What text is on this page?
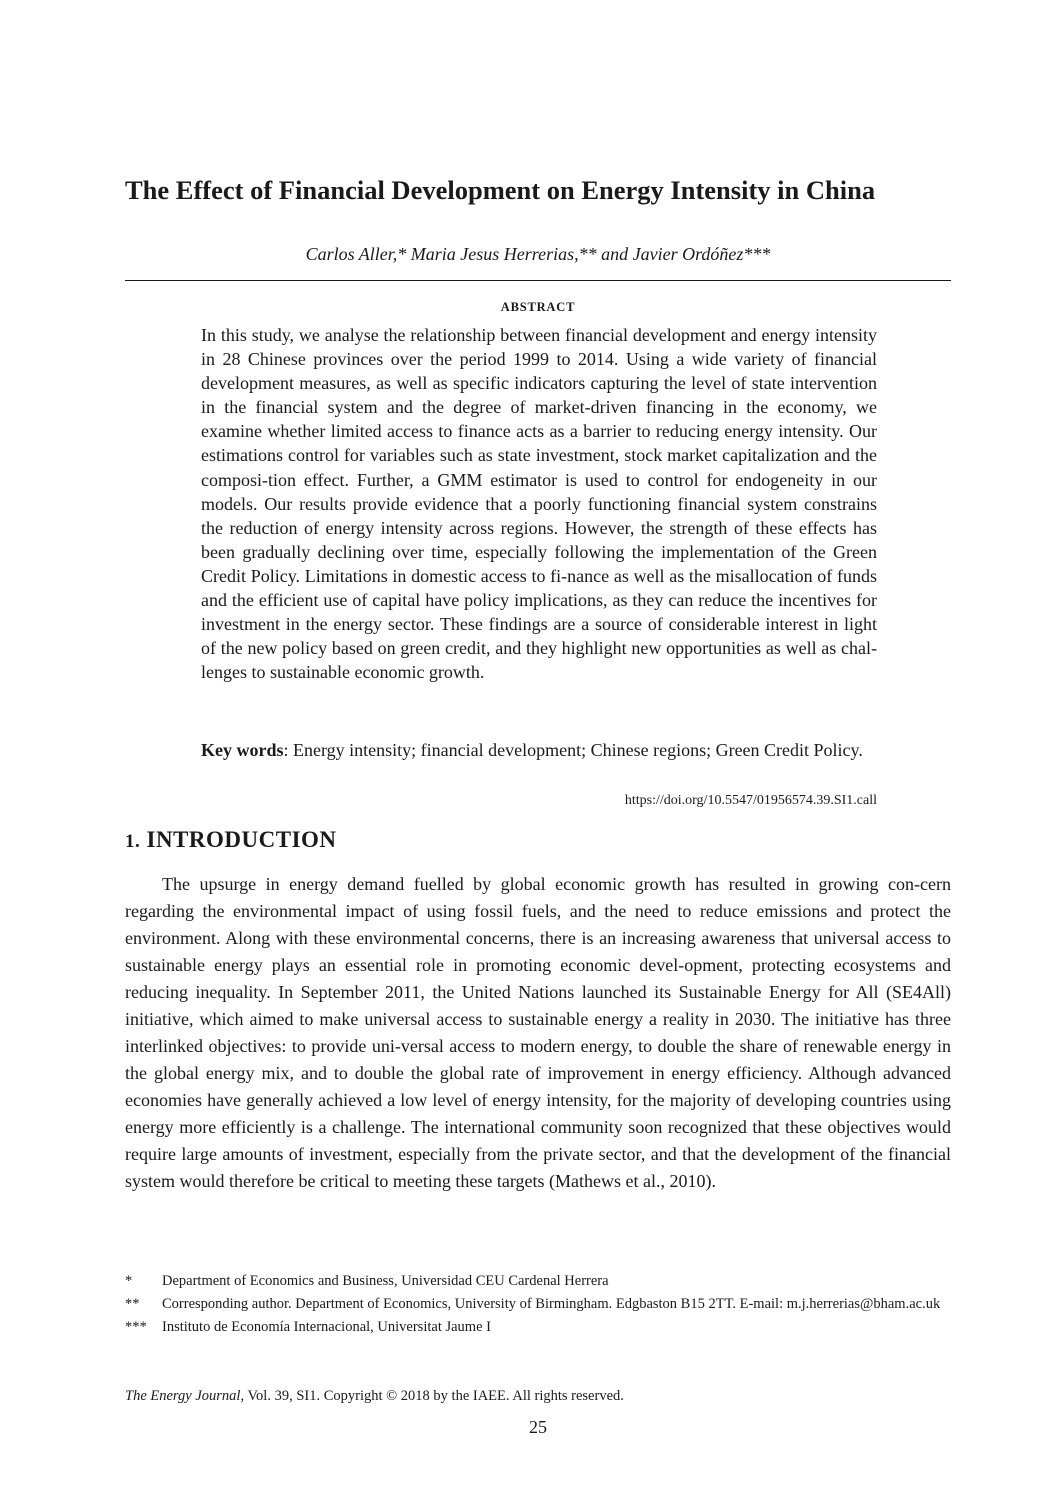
The Effect of Financial Development on Energy Intensity in China
Carlos Aller,* Maria Jesus Herrerias,** and Javier Ordóñez***
ABSTRACT

In this study, we analyse the relationship between financial development and energy intensity in 28 Chinese provinces over the period 1999 to 2014. Using a wide variety of financial development measures, as well as specific indicators capturing the level of state intervention in the financial system and the degree of market-driven financing in the economy, we examine whether limited access to finance acts as a barrier to reducing energy intensity. Our estimations control for variables such as state investment, stock market capitalization and the composi-tion effect. Further, a GMM estimator is used to control for endogeneity in our models. Our results provide evidence that a poorly functioning financial system constrains the reduction of energy intensity across regions. However, the strength of these effects has been gradually declining over time, especially following the implementation of the Green Credit Policy. Limitations in domestic access to fi-nance as well as the misallocation of funds and the efficient use of capital have policy implications, as they can reduce the incentives for investment in the energy sector. These findings are a source of considerable interest in light of the new policy based on green credit, and they highlight new opportunities as well as chal-lenges to sustainable economic growth.

Key words: Energy intensity; financial development; Chinese regions; Green Credit Policy.

https://doi.org/10.5547/01956574.39.SI1.call
1. INTRODUCTION

The upsurge in energy demand fuelled by global economic growth has resulted in growing con-cern regarding the environmental impact of using fossil fuels, and the need to reduce emissions and protect the environment. Along with these environmental concerns, there is an increasing awareness that universal access to sustainable energy plays an essential role in promoting economic devel-opment, protecting ecosystems and reducing inequality. In September 2011, the United Nations launched its Sustainable Energy for All (SE4All) initiative, which aimed to make universal access to sustainable energy a reality in 2030. The initiative has three interlinked objectives: to provide uni-versal access to modern energy, to double the share of renewable energy in the global energy mix, and to double the global rate of improvement in energy efficiency. Although advanced economies have generally achieved a low level of energy intensity, for the majority of developing countries using energy more efficiently is a challenge. The international community soon recognized that these objectives would require large amounts of investment, especially from the private sector, and that the development of the financial system would therefore be critical to meeting these targets (Mathews et al., 2010).

*	Department of Economics and Business, Universidad CEU Cardenal Herrera
**	Corresponding author. Department of Economics, University of Birmingham. Edgbaston B15 2TT. E-mail: m.j.herrerias@bham.ac.uk
***	Instituto de Economía Internacional, Universitat Jaume I
The Energy Journal, Vol. 39, SI1. Copyright © 2018 by the IAEE. All rights reserved.
25
